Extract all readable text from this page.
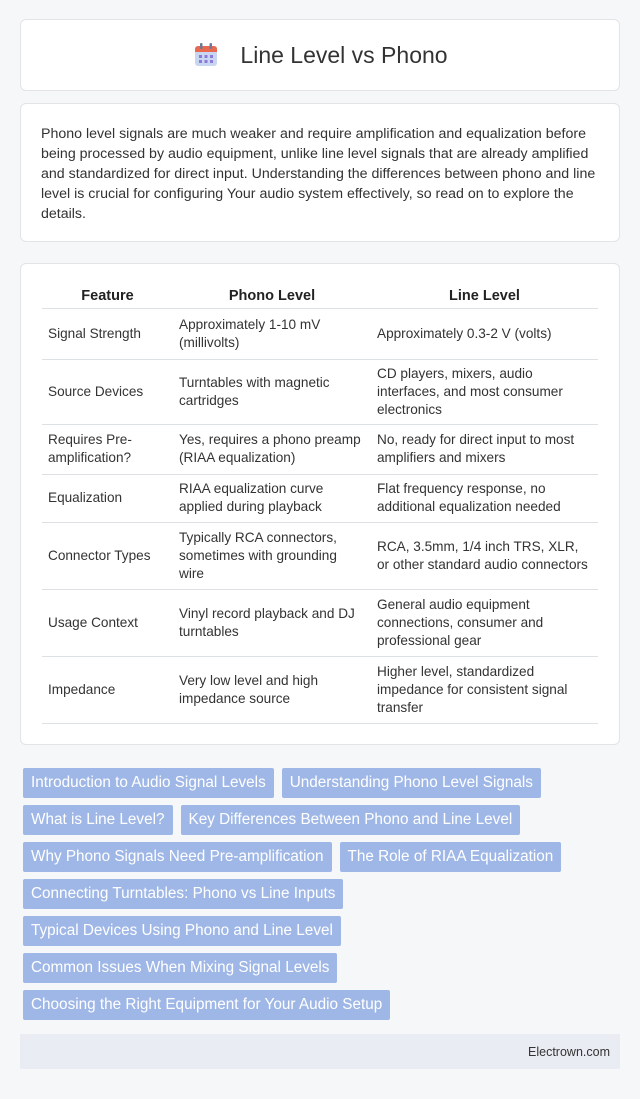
Line Level vs Phono

Phono level signals are much weaker and require amplification and equalization before being processed by audio equipment, unlike line level signals that are already amplified and standardized for direct input. Understanding the differences between phono and line level is crucial for configuring Your audio system effectively, so read on to explore the details.

Feature	Phono Level	Line Level
Signal Strength	Approximately 1-10 mV (millivolts)	Approximately 0.3-2 V (volts)
Source Devices	Turntables with magnetic cartridges	CD players, mixers, audio interfaces, and most consumer electronics
Requires Pre-amplification?	Yes, requires a phono preamp (RIAA equalization)	No, ready for direct input to most amplifiers and mixers
Equalization	RIAA equalization curve applied during playback	Flat frequency response, no additional equalization needed
Connector Types	Typically RCA connectors, sometimes with grounding wire	RCA, 3.5mm, 1/4 inch TRS, XLR, or other standard audio connectors
Usage Context	Vinyl record playback and DJ turntables	General audio equipment connections, consumer and professional gear
Impedance	Very low level and high impedance source	Higher level, standardized impedance for consistent signal transfer
Introduction to Audio Signal Levels	Understanding Phono Level Signals
What is Line Level?	Key Differences Between Phono and Line Level
Why Phono Signals Need Pre-amplification	The Role of RIAA Equalization
Connecting Turntables: Phono vs Line Inputs
Typical Devices Using Phono and Line Level
Common Issues When Mixing Signal Levels
Choosing the Right Equipment for Your Audio Setup
Electrown.com
